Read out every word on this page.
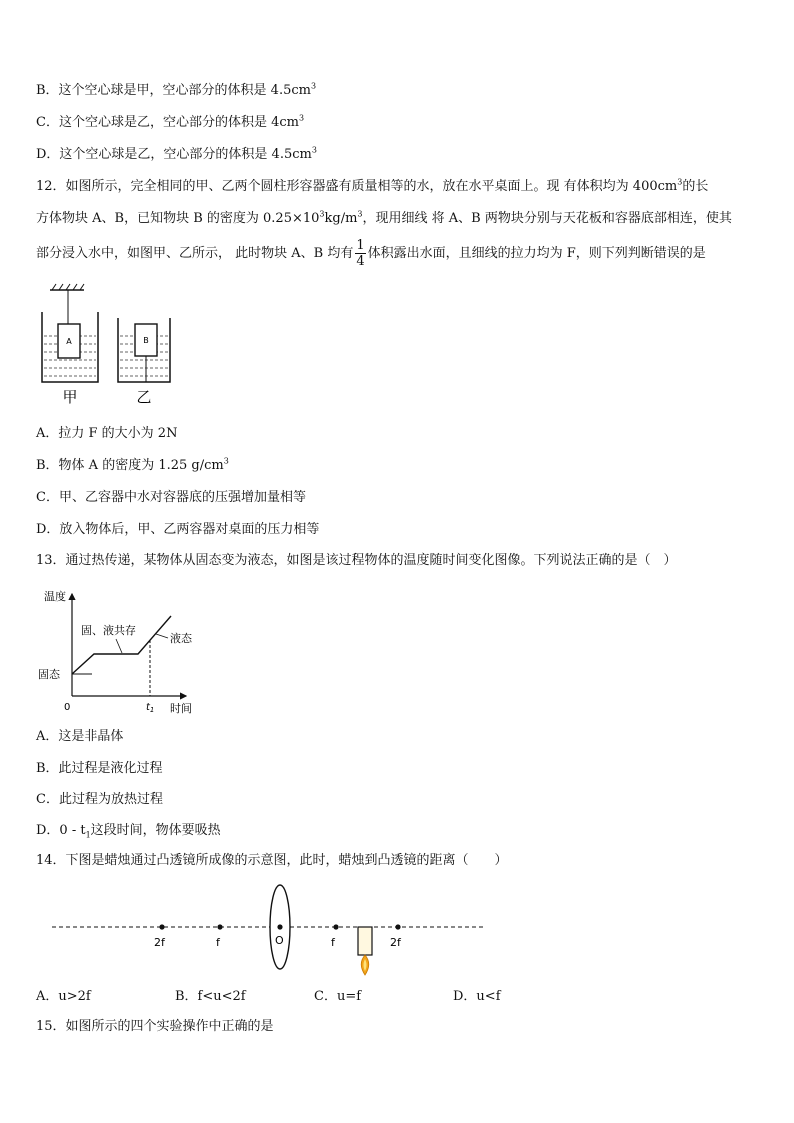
B．这个空心球是甲，空心部分的体积是 $4.5cm^3$
C．这个空心球是乙，空心部分的体积是 $4cm^3$
D．这个空心球是乙，空心部分的体积是 $4.5cm^3$
12．如图所示，完全相同的甲、乙两个圆柱形容器盛有质量相等的水，放在水平桌面上。现 有体积均为 $400cm^3$的长
方体物块 A、B，已知物块 B 的密度为 $0.25\times 10^3kg/m^3$，现用细线 将 A、B 两物块分别与天花板和容器底部相连，使其
部分浸入水中，如图甲、乙所示， 此时物块 A、B 均有 $\frac{1}{4}$ 体积露出水面，且细线的拉力均为 F，则下列判断错误的是
A
甲
B
乙
A．拉力 F 的大小为 2N
B．物体 A 的密度为 1.25 $g/cm^3$
C．甲、乙容器中水对容器底的压强增加量相等
D．放入物体后，甲、乙两容器对桌面的压力相等
13．通过热传递，某物体从固态变为液态，如图是该过程物体的温度随时间变化图像。下列说法正确的是（　）
温度
0	时间
固态
固、液共存
液态
$t_1$
A．这是非晶体
B．此过程是液化过程
C．此过程为放热过程
D．$0 - t_1$这段时间，物体要吸热
14．下图是蜡烛通过凸透镜所成像的示意图，此时，蜡烛到凸透镜的距离（　　）
2f	f	O	f	2f
A．u>2f	B．f<u<2f	C．u=f	D．u<f
15．如图所示的四个实验操作中正确的是
